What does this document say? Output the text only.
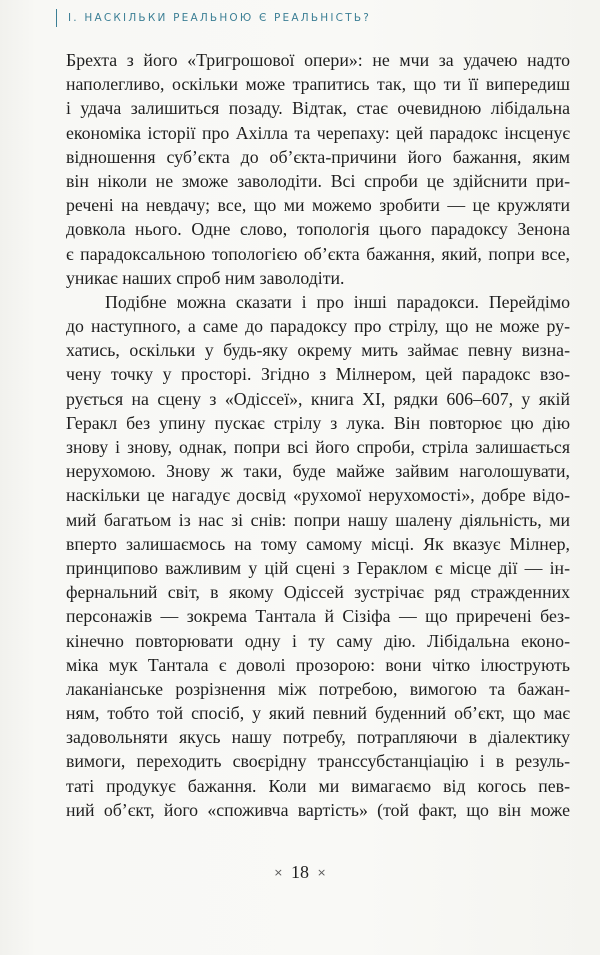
І. НАСКІЛЬКИ РЕАЛЬНОЮ Є РЕАЛЬНІСТЬ?
Брехта з його «Тригрошової опери»: не мчи за удачею надто
наполегливо, оскільки може трапитись так, що ти її випередиш
і удача залишиться позаду. Відтак, стає очевидною лібідальна
економіка історії про Ахілла та черепаху: цей парадокс інсценує
відношення суб’єкта до об’єкта-причини його бажання, яким
він ніколи не зможе заволодіти. Всі спроби це здійснити при-
речені на невдачу; все, що ми можемо зробити — це кружляти
довкола нього. Одне слово, топологія цього парадоксу Зенона
є парадоксальною топологією об’єкта бажання, який, попри все,
уникає наших спроб ним заволодіти.
Подібне можна сказати і про інші парадокси. Перейдімо
до наступного, а саме до парадоксу про стрілу, що не може ру-
хатись, оскільки у будь-яку окрему мить займає певну визна-
чену точку у просторі. Згідно з Мілнером, цей парадокс взо-
рується на сцену з «Одіссеї», книга XI, рядки 606–607, у якій
Геракл без упину пускає стрілу з лука. Він повторює цю дію
знову і знову, однак, попри всі його спроби, стріла залишається
нерухомою. Знову ж таки, буде майже зайвим наголошувати,
наскільки це нагадує досвід «рухомої нерухомості», добре відо-
мий багатьом із нас зі снів: попри нашу шалену діяльність, ми
вперто залишаємось на тому самому місці. Як вказує Мілнер,
принципово важливим у цій сцені з Гераклом є місце дії — ін-
фернальний світ, в якому Одіссей зустрічає ряд стражденних
персонажів — зокрема Тантала й Сізіфа — що приречені без-
кінечно повторювати одну і ту саму дію. Лібідальна еконо-
міка мук Тантала є доволі прозорою: вони чітко ілюструють
лаканіанське розрізнення між потребою, вимогою та бажан-
ням, тобто той спосіб, у який певний буденний об’єкт, що має
задовольняти якусь нашу потребу, потрапляючи в діалектику
вимоги, переходить своєрідну транссубстанціацію і в резуль-
таті продукує бажання. Коли ми вимагаємо від когось пев-
ний об’єкт, його «споживча вартість» (той факт, що він може
× 18 ×
